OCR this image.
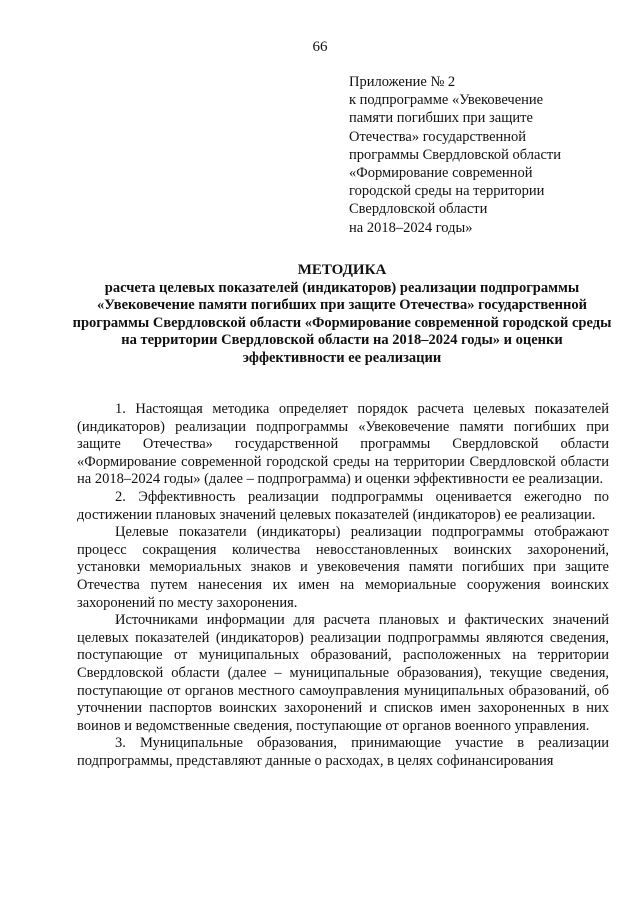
66
Приложение № 2
к подпрограмме «Увековечение
памяти погибших при защите
Отечества» государственной
программы Свердловской области
«Формирование современной
городской среды на территории
Свердловской области
на 2018–2024 годы»
МЕТОДИКА
расчета целевых показателей (индикаторов) реализации подпрограммы «Увековечение памяти погибших при защите Отечества» государственной программы Свердловской области «Формирование современной городской среды на территории Свердловской области на 2018–2024 годы» и оценки эффективности ее реализации

1. Настоящая методика определяет порядок расчета целевых показателей (индикаторов) реализации подпрограммы «Увековечение памяти погибших при защите Отечества» государственной программы Свердловской области «Формирование современной городской среды на территории Свердловской области на 2018–2024 годы» (далее – подпрограмма) и оценки эффективности ее реализации.

2. Эффективность реализации подпрограммы оценивается ежегодно по достижении плановых значений целевых показателей (индикаторов) ее реализации.

Целевые показатели (индикаторы) реализации подпрограммы отображают процесс сокращения количества невосстановленных воинских захоронений, установки мемориальных знаков и увековечения памяти погибших при защите Отечества путем нанесения их имен на мемориальные сооружения воинских захоронений по месту захоронения.

Источниками информации для расчета плановых и фактических значений целевых показателей (индикаторов) реализации подпрограммы являются сведения, поступающие от муниципальных образований, расположенных на территории Свердловской области (далее – муниципальные образования), текущие сведения, поступающие от органов местного самоуправления муниципальных образований, об уточнении паспортов воинских захоронений и списков имен захороненных в них воинов и ведомственные сведения, поступающие от органов военного управления.

3. Муниципальные образования, принимающие участие в реализации подпрограммы, представляют данные о расходах, в целях софинансирования
